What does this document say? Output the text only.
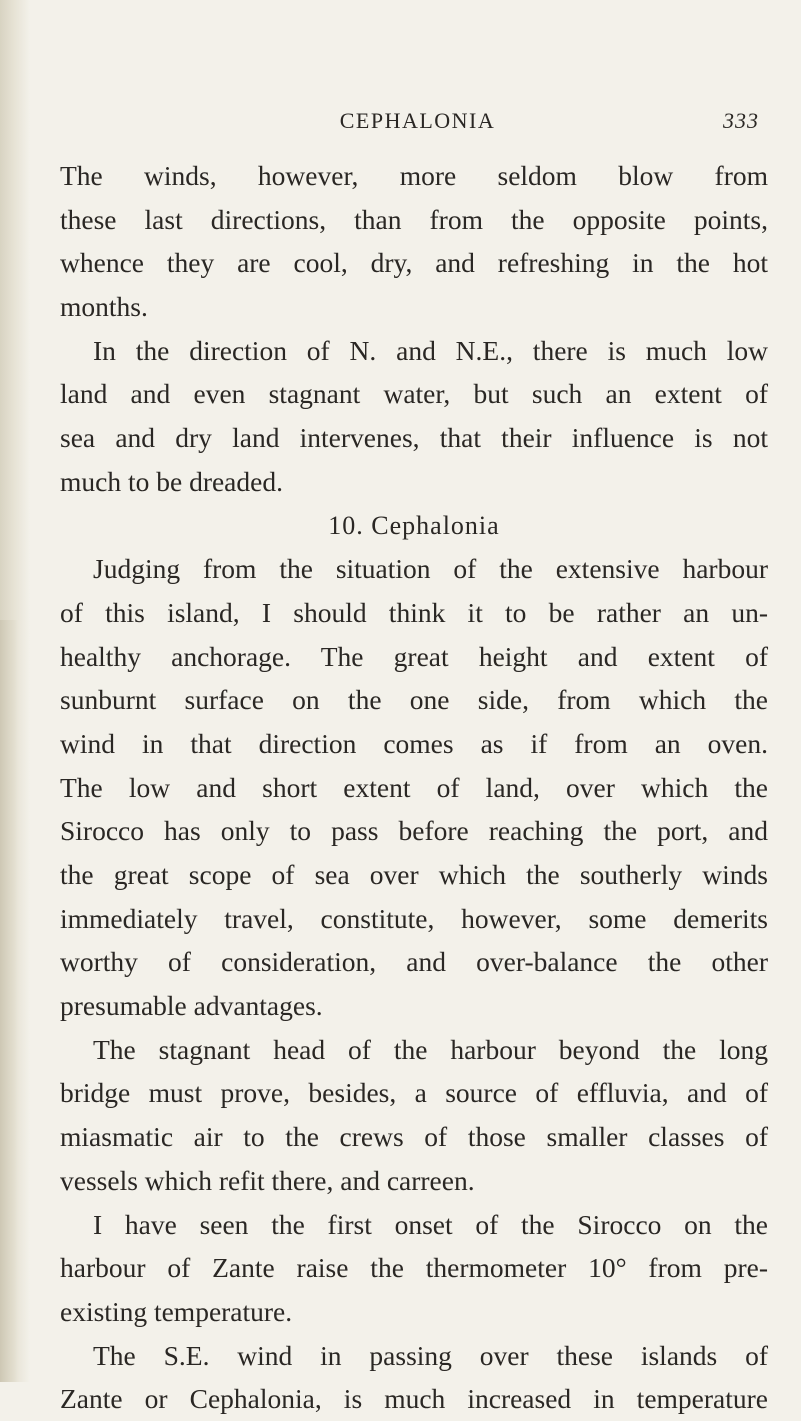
CEPHALONIA	333
The winds, however, more seldom blow from
these last directions, than from the opposite points,
whence they are cool, dry, and refreshing in the hot
months.
In the direction of N. and N.E., there is much low
land and even stagnant water, but such an extent of
sea and dry land intervenes, that their influence is not
much to be dreaded.
10. Cephalonia
Judging from the situation of the extensive harbour
of this island, I should think it to be rather an un-
healthy anchorage. The great height and extent of
sunburnt surface on the one side, from which the
wind in that direction comes as if from an oven.
The low and short extent of land, over which the
Sirocco has only to pass before reaching the port, and
the great scope of sea over which the southerly winds
immediately travel, constitute, however, some demerits
worthy of consideration, and over-balance the other
presumable advantages.
The stagnant head of the harbour beyond the long
bridge must prove, besides, a source of effluvia, and of
miasmatic air to the crews of those smaller classes of
vessels which refit there, and carreen.
I have seen the first onset of the Sirocco on the
harbour of Zante raise the thermometer 10° from pre-
existing temperature.
The S.E. wind in passing over these islands of
Zante or Cephalonia, is much increased in temperature
